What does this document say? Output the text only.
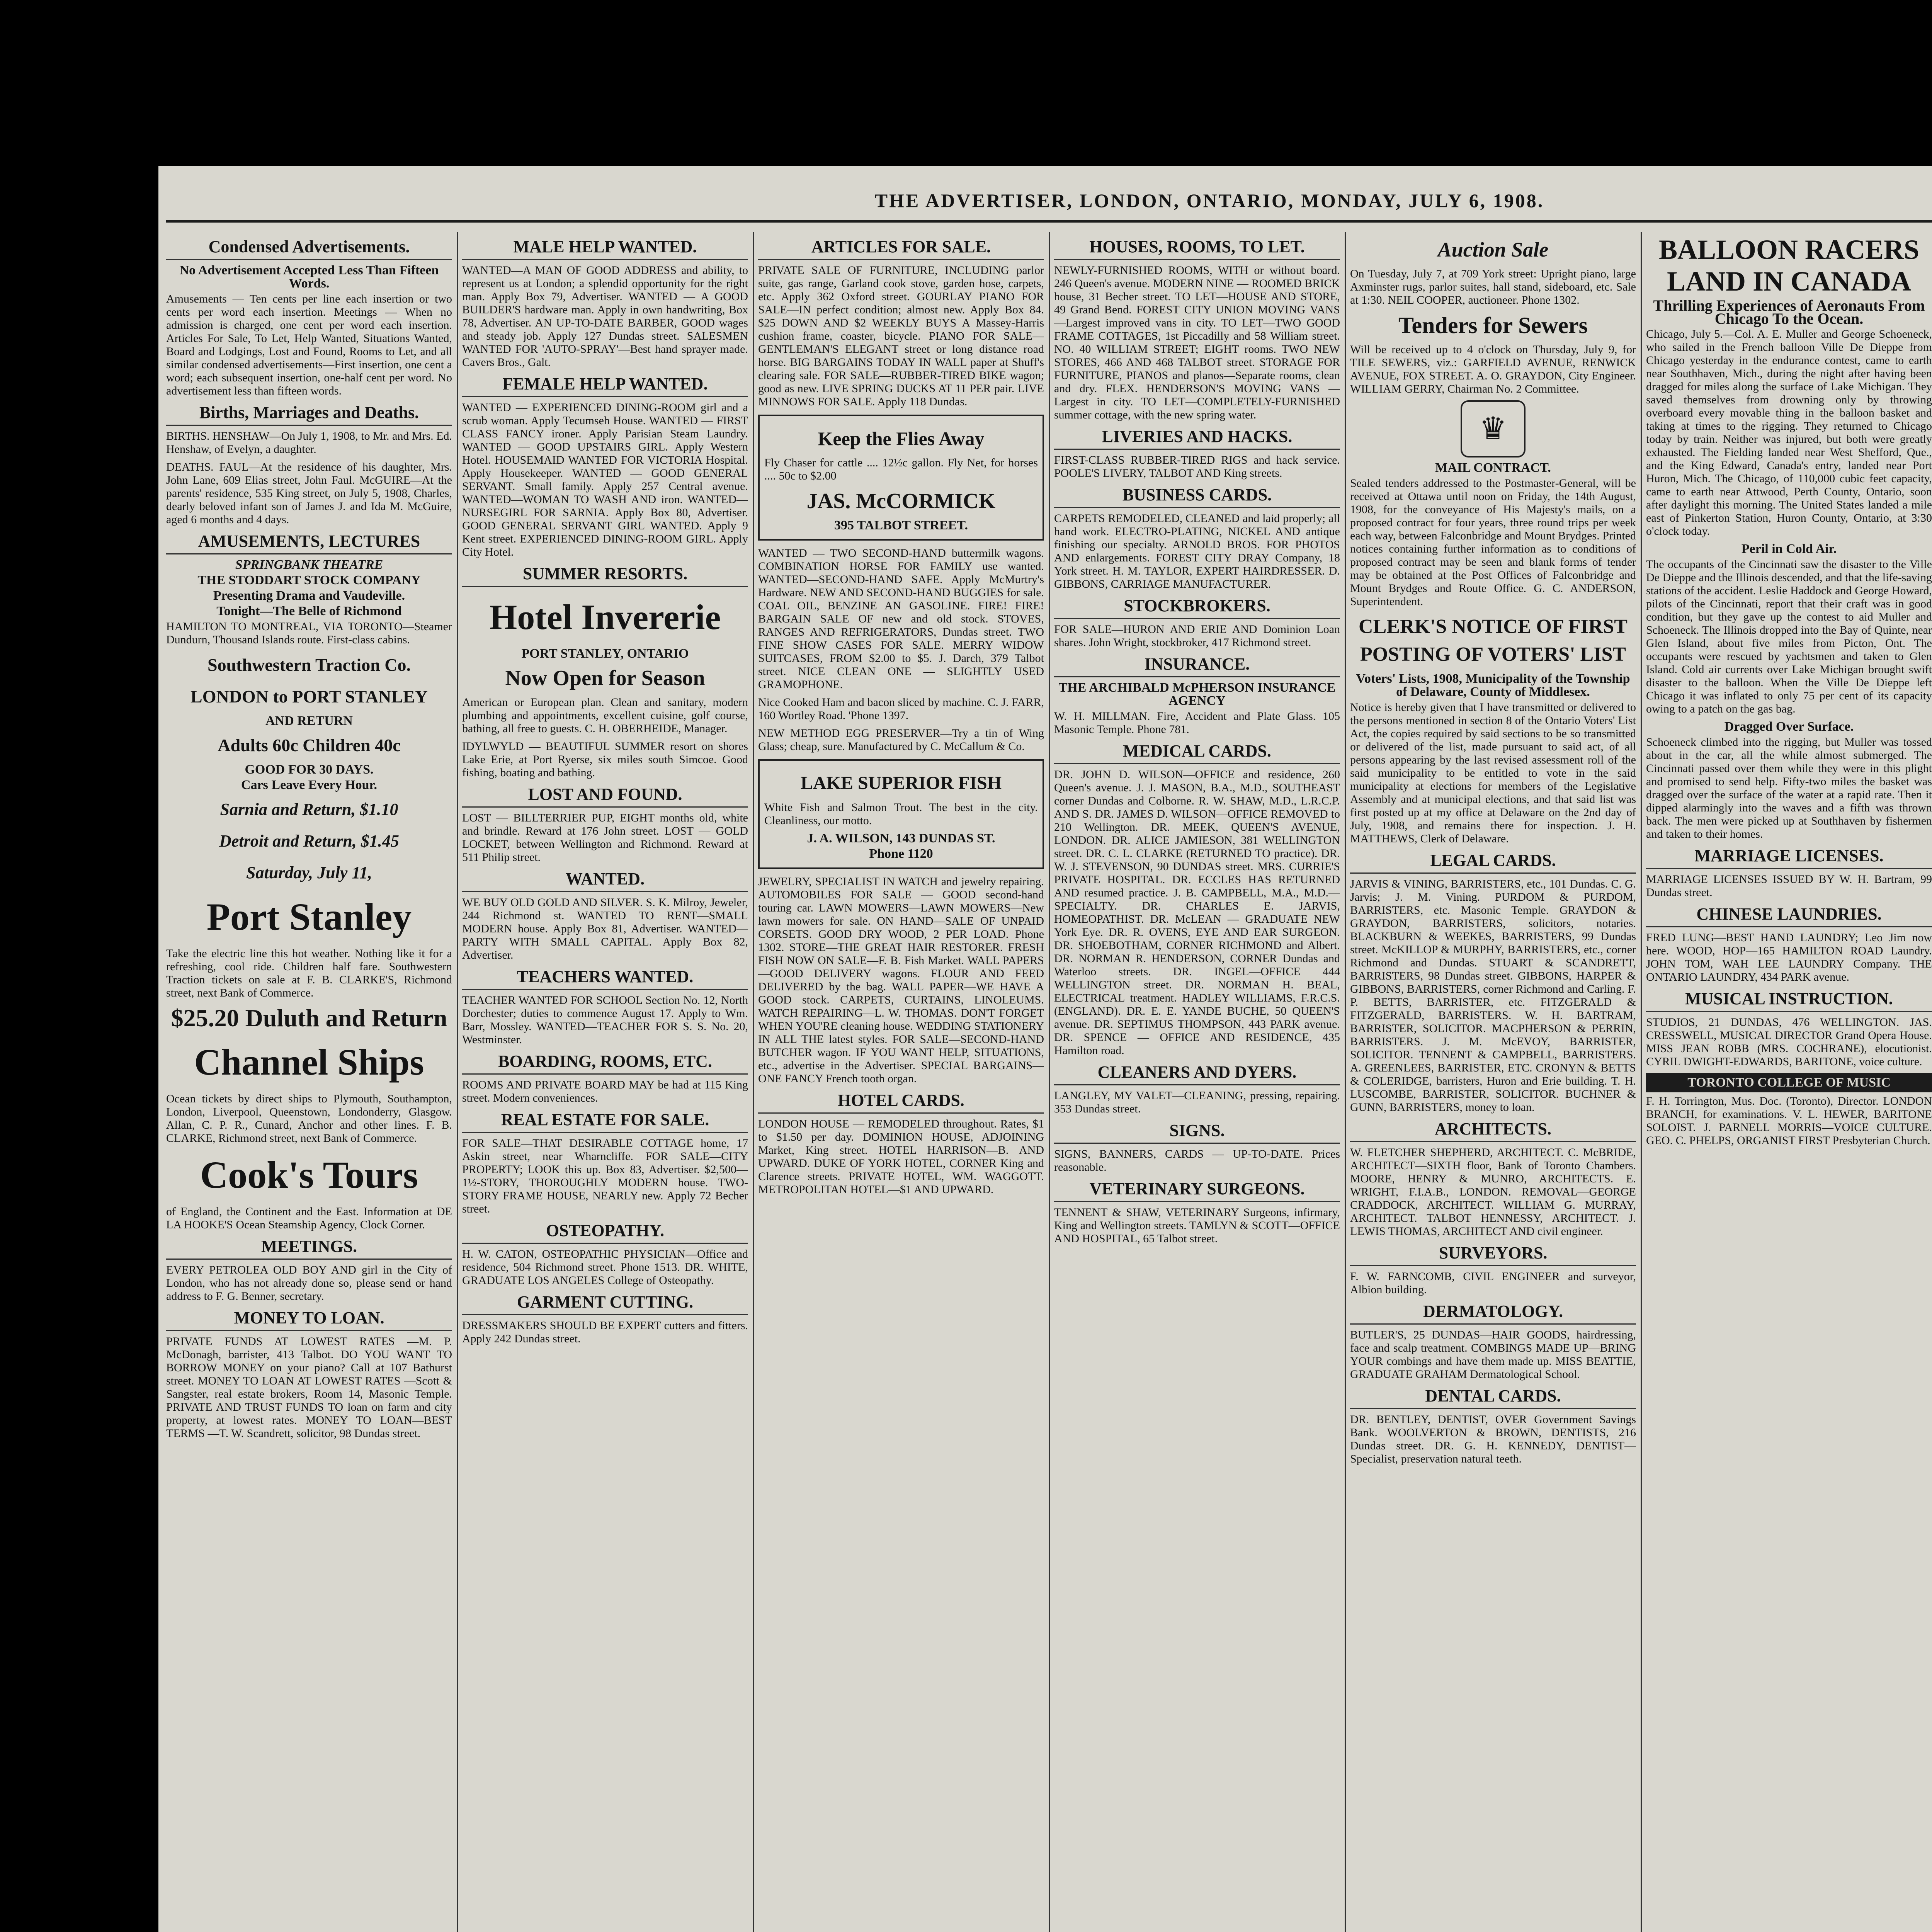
THE ADVERTISER, LONDON, ONTARIO, MONDAY, JULY 6, 1908.
Condensed Advertisements.
No Advertisement Accepted Less Than Fifteen Words.
Amusements — Ten cents per line each insertion or two cents per word each insertion. Meetings — When no admission is charged, one cent per word each insertion. Articles For Sale, To Let, Help Wanted, Situations Wanted, Board and Lodgings, Lost and Found, Rooms to Let, and all similar condensed advertisements—First insertion, one cent a word; each subsequent insertion, one-half cent per word. No advertisement less than fifteen words.
Births, Marriages and Deaths.
BIRTHS. HENSHAW—On July 1, 1908, to Mr. and Mrs. Ed. Henshaw, of Evelyn, a daughter.
DEATHS. FAUL—At the residence of his daughter, Mrs. John Lane, 609 Elias street, John Faul. McGUIRE—At the parents' residence, 535 King street, on July 5, 1908, Charles, dearly beloved infant son of James J. and Ida M. McGuire, aged 6 months and 4 days.
AMUSEMENTS, LECTURES
SPRINGBANK THEATRE
THE STODDART STOCK COMPANY
Presenting Drama and Vaudeville.
Tonight—The Belle of Richmond
HAMILTON TO MONTREAL, VIA TORONTO—Steamer Dundurn, Thousand Islands route. First-class cabins.
Southwestern Traction Co.
LONDON to PORT STANLEY
AND RETURN
Adults 60c Children 40c
GOOD FOR 30 DAYS.
Cars Leave Every Hour.
Sarnia and Return, $1.10
Detroit and Return, $1.45
Saturday, July 11,
Port Stanley
Take the electric line this hot weather. Nothing like it for a refreshing, cool ride. Children half fare. Southwestern Traction tickets on sale at F. B. CLARKE'S, Richmond street, next Bank of Commerce.
$25.20 Duluth and Return
Channel Ships
Ocean tickets by direct ships to Plymouth, Southampton, London, Liverpool, Queenstown, Londonderry, Glasgow. Allan, C. P. R., Cunard, Anchor and other lines. F. B. CLARKE, Richmond street, next Bank of Commerce.
Cook's Tours
of England, the Continent and the East. Information at DE LA HOOKE'S Ocean Steamship Agency, Clock Corner.
MEETINGS.
EVERY PETROLEA OLD BOY AND girl in the City of London, who has not already done so, please send or hand address to F. G. Benner, secretary.
MONEY TO LOAN.
PRIVATE FUNDS AT LOWEST RATES —M. P. McDonagh, barrister, 413 Talbot. DO YOU WANT TO BORROW MONEY on your piano? Call at 107 Bathurst street. MONEY TO LOAN AT LOWEST RATES —Scott & Sangster, real estate brokers, Room 14, Masonic Temple. PRIVATE AND TRUST FUNDS TO loan on farm and city property, at lowest rates. MONEY TO LOAN—BEST TERMS —T. W. Scandrett, solicitor, 98 Dundas street.
MALE HELP WANTED.
WANTED—A MAN OF GOOD ADDRESS and ability, to represent us at London; a splendid opportunity for the right man. Apply Box 79, Advertiser. WANTED — A GOOD BUILDER'S hardware man. Apply in own handwriting, Box 78, Advertiser. AN UP-TO-DATE BARBER, GOOD wages and steady job. Apply 127 Dundas street. SALESMEN WANTED FOR 'AUTO-SPRAY'—Best hand sprayer made. Cavers Bros., Galt.
FEMALE HELP WANTED.
WANTED — EXPERIENCED DINING-ROOM girl and a scrub woman. Apply Tecumseh House. WANTED — FIRST CLASS FANCY ironer. Apply Parisian Steam Laundry. WANTED — GOOD UPSTAIRS GIRL. Apply Western Hotel. HOUSEMAID WANTED FOR VICTORIA Hospital. Apply Housekeeper. WANTED — GOOD GENERAL SERVANT. Small family. Apply 257 Central avenue. WANTED—WOMAN TO WASH AND iron. WANTED—NURSEGIRL FOR SARNIA. Apply Box 80, Advertiser. GOOD GENERAL SERVANT GIRL WANTED. Apply 9 Kent street. EXPERIENCED DINING-ROOM GIRL. Apply City Hotel.
SUMMER RESORTS.
Hotel Invererie
PORT STANLEY, ONTARIO
Now Open for Season
American or European plan. Clean and sanitary, modern plumbing and appointments, excellent cuisine, golf course, bathing, all free to guests. C. H. OBERHEIDE, Manager.
IDYLWYLD — BEAUTIFUL SUMMER resort on shores Lake Erie, at Port Ryerse, six miles south Simcoe. Good fishing, boating and bathing.
LOST AND FOUND.
LOST — BILLTERRIER PUP, EIGHT months old, white and brindle. Reward at 176 John street. LOST — GOLD LOCKET, between Wellington and Richmond. Reward at 511 Philip street.
WANTED.
WE BUY OLD GOLD AND SILVER. S. K. Milroy, Jeweler, 244 Richmond st. WANTED TO RENT—SMALL MODERN house. Apply Box 81, Advertiser. WANTED—PARTY WITH SMALL CAPITAL. Apply Box 82, Advertiser.
TEACHERS WANTED.
TEACHER WANTED FOR SCHOOL Section No. 12, North Dorchester; duties to commence August 17. Apply to Wm. Barr, Mossley. WANTED—TEACHER FOR S. S. No. 20, Westminster.
BOARDING, ROOMS, ETC.
ROOMS AND PRIVATE BOARD MAY be had at 115 King street. Modern conveniences.
REAL ESTATE FOR SALE.
FOR SALE—THAT DESIRABLE COTTAGE home, 17 Askin street, near Wharncliffe. FOR SALE—CITY PROPERTY; LOOK this up. Box 83, Advertiser. $2,500—1½-STORY, THOROUGHLY MODERN house. TWO-STORY FRAME HOUSE, NEARLY new. Apply 72 Becher street.
OSTEOPATHY.
H. W. CATON, OSTEOPATHIC PHYSICIAN—Office and residence, 504 Richmond street. Phone 1513. DR. WHITE, GRADUATE LOS ANGELES College of Osteopathy.
GARMENT CUTTING.
DRESSMAKERS SHOULD BE EXPERT cutters and fitters. Apply 242 Dundas street.
ARTICLES FOR SALE.
PRIVATE SALE OF FURNITURE, INCLUDING parlor suite, gas range, Garland cook stove, garden hose, carpets, etc. Apply 362 Oxford street. GOURLAY PIANO FOR SALE—IN perfect condition; almost new. Apply Box 84. $25 DOWN AND $2 WEEKLY BUYS A Massey-Harris cushion frame, coaster, bicycle. PIANO FOR SALE—GENTLEMAN'S ELEGANT street or long distance road horse. BIG BARGAINS TODAY IN WALL paper at Shuff's clearing sale. FOR SALE—RUBBER-TIRED BIKE wagon; good as new. LIVE SPRING DUCKS AT 11 PER pair. LIVE MINNOWS FOR SALE. Apply 118 Dundas.
Keep the Flies Away
Fly Chaser for cattle .... 12½c gallon. Fly Net, for horses .... 50c to $2.00
JAS. McCORMICK
395 TALBOT STREET.
WANTED — TWO SECOND-HAND buttermilk wagons. COMBINATION HORSE FOR FAMILY use wanted. WANTED—SECOND-HAND SAFE. Apply McMurtry's Hardware. NEW AND SECOND-HAND BUGGIES for sale. COAL OIL, BENZINE AN GASOLINE. FIRE! FIRE! BARGAIN SALE OF new and old stock. STOVES, RANGES AND REFRIGERATORS, Dundas street. TWO FINE SHOW CASES FOR SALE. MERRY WIDOW SUITCASES, FROM $2.00 to $5. J. Darch, 379 Talbot street. NICE CLEAN ONE — SLIGHTLY USED GRAMOPHONE.
Nice Cooked Ham and bacon sliced by machine. C. J. FARR, 160 Wortley Road. 'Phone 1397.
NEW METHOD EGG PRESERVER—Try a tin of Wing Glass; cheap, sure. Manufactured by C. McCallum & Co.
LAKE SUPERIOR FISH
White Fish and Salmon Trout. The best in the city. Cleanliness, our motto.
J. A. WILSON, 143 DUNDAS ST.
Phone 1120
JEWELRY, SPECIALIST IN WATCH and jewelry repairing. AUTOMOBILES FOR SALE — GOOD second-hand touring car. LAWN MOWERS—LAWN MOWERS—New lawn mowers for sale. ON HAND—SALE OF UNPAID CORSETS. GOOD DRY WOOD, 2 PER LOAD. Phone 1302. STORE—THE GREAT HAIR RESTORER. FRESH FISH NOW ON SALE—F. B. Fish Market. WALL PAPERS—GOOD DELIVERY wagons. FLOUR AND FEED DELIVERED by the bag. WALL PAPER—WE HAVE A GOOD stock. CARPETS, CURTAINS, LINOLEUMS. WATCH REPAIRING—L. W. THOMAS. DON'T FORGET WHEN YOU'RE cleaning house. WEDDING STATIONERY IN ALL THE latest styles. FOR SALE—SECOND-HAND BUTCHER wagon. IF YOU WANT HELP, SITUATIONS, etc., advertise in the Advertiser. SPECIAL BARGAINS—ONE FANCY French tooth organ.
HOTEL CARDS.
LONDON HOUSE — REMODELED throughout. Rates, $1 to $1.50 per day. DOMINION HOUSE, ADJOINING Market, King street. HOTEL HARRISON—B. AND UPWARD. DUKE OF YORK HOTEL, CORNER King and Clarence streets. PRIVATE HOTEL, WM. WAGGOTT. METROPOLITAN HOTEL—$1 AND UPWARD.
HOUSES, ROOMS, TO LET.
NEWLY-FURNISHED ROOMS, WITH or without board. 246 Queen's avenue. MODERN NINE — ROOMED BRICK house, 31 Becher street. TO LET—HOUSE AND STORE, 49 Grand Bend. FOREST CITY UNION MOVING VANS —Largest improved vans in city. TO LET—TWO GOOD FRAME COTTAGES, 1st Piccadilly and 58 William street. NO. 40 WILLIAM STREET; EIGHT rooms. TWO NEW STORES, 466 AND 468 TALBOT street. STORAGE FOR FURNITURE, PIANOS and planos—Separate rooms, clean and dry. FLEX. HENDERSON'S MOVING VANS —Largest in city. TO LET—COMPLETELY-FURNISHED summer cottage, with the new spring water.
LIVERIES AND HACKS.
FIRST-CLASS RUBBER-TIRED RIGS and hack service. POOLE'S LIVERY, TALBOT AND King streets.
BUSINESS CARDS.
CARPETS REMODELED, CLEANED and laid properly; all hand work. ELECTRO-PLATING, NICKEL AND antique finishing our specialty. ARNOLD BROS. FOR PHOTOS AND enlargements. FOREST CITY DRAY Company, 18 York street. H. M. TAYLOR, EXPERT HAIRDRESSER. D. GIBBONS, CARRIAGE MANUFACTURER.
STOCKBROKERS.
FOR SALE—HURON AND ERIE AND Dominion Loan shares. John Wright, stockbroker, 417 Richmond street.
INSURANCE.
THE ARCHIBALD McPHERSON INSURANCE AGENCY
W. H. MILLMAN. Fire, Accident and Plate Glass. 105 Masonic Temple. Phone 781.
MEDICAL CARDS.
DR. JOHN D. WILSON—OFFICE and residence, 260 Queen's avenue. J. J. MASON, B.A., M.D., SOUTHEAST corner Dundas and Colborne. R. W. SHAW, M.D., L.R.C.P. AND S. DR. JAMES D. WILSON—OFFICE REMOVED to 210 Wellington. DR. MEEK, QUEEN'S AVENUE, LONDON. DR. ALICE JAMIESON, 381 WELLINGTON street. DR. C. L. CLARKE (RETURNED TO practice). DR. W. J. STEVENSON, 90 DUNDAS street. MRS. CURRIE'S PRIVATE HOSPITAL. DR. ECCLES HAS RETURNED AND resumed practice. J. B. CAMPBELL, M.A., M.D.—SPECIALTY. DR. CHARLES E. JARVIS, HOMEOPATHIST. DR. McLEAN — GRADUATE NEW York Eye. DR. R. OVENS, EYE AND EAR SURGEON. DR. SHOEBOTHAM, CORNER RICHMOND and Albert. DR. NORMAN R. HENDERSON, CORNER Dundas and Waterloo streets. DR. INGEL—OFFICE 444 WELLINGTON street. DR. NORMAN H. BEAL, ELECTRICAL treatment. HADLEY WILLIAMS, F.R.C.S. (ENGLAND). DR. E. E. YANDE BUCHE, 50 QUEEN'S avenue. DR. SEPTIMUS THOMPSON, 443 PARK avenue. DR. SPENCE — OFFICE AND RESIDENCE, 435 Hamilton road.
CLEANERS AND DYERS.
LANGLEY, MY VALET—CLEANING, pressing, repairing. 353 Dundas street.
SIGNS.
SIGNS, BANNERS, CARDS — UP-TO-DATE. Prices reasonable.
VETERINARY SURGEONS.
TENNENT & SHAW, VETERINARY Surgeons, infirmary, King and Wellington streets. TAMLYN & SCOTT—OFFICE AND HOSPITAL, 65 Talbot street.
Auction Sale
On Tuesday, July 7, at 709 York street: Upright piano, large Axminster rugs, parlor suites, hall stand, sideboard, etc. Sale at 1:30. NEIL COOPER, auctioneer. Phone 1302.
Tenders for Sewers
Will be received up to 4 o'clock on Thursday, July 9, for TILE SEWERS, viz.: GARFIELD AVENUE, RENWICK AVENUE, FOX STREET. A. O. GRAYDON, City Engineer. WILLIAM GERRY, Chairman No. 2 Committee.
♛
MAIL CONTRACT.
Sealed tenders addressed to the Postmaster-General, will be received at Ottawa until noon on Friday, the 14th August, 1908, for the conveyance of His Majesty's mails, on a proposed contract for four years, three round trips per week each way, between Falconbridge and Mount Brydges. Printed notices containing further information as to conditions of proposed contract may be seen and blank forms of tender may be obtained at the Post Offices of Falconbridge and Mount Brydges and Route Office. G. C. ANDERSON, Superintendent.
CLERK'S NOTICE OF FIRST POSTING OF VOTERS' LIST
Voters' Lists, 1908, Municipality of the Township of Delaware, County of Middlesex.
Notice is hereby given that I have transmitted or delivered to the persons mentioned in section 8 of the Ontario Voters' List Act, the copies required by said sections to be so transmitted or delivered of the list, made pursuant to said act, of all persons appearing by the last revised assessment roll of the said municipality to be entitled to vote in the said municipality at elections for members of the Legislative Assembly and at municipal elections, and that said list was first posted up at my office at Delaware on the 2nd day of July, 1908, and remains there for inspection. J. H. MATTHEWS, Clerk of Delaware.
LEGAL CARDS.
JARVIS & VINING, BARRISTERS, etc., 101 Dundas. C. G. Jarvis; J. M. Vining. PURDOM & PURDOM, BARRISTERS, etc. Masonic Temple. GRAYDON & GRAYDON, BARRISTERS, solicitors, notaries. BLACKBURN & WEEKES, BARRISTERS, 99 Dundas street. McKILLOP & MURPHY, BARRISTERS, etc., corner Richmond and Dundas. STUART & SCANDRETT, BARRISTERS, 98 Dundas street. GIBBONS, HARPER & GIBBONS, BARRISTERS, corner Richmond and Carling. F. P. BETTS, BARRISTER, etc. FITZGERALD & FITZGERALD, BARRISTERS. W. H. BARTRAM, BARRISTER, SOLICITOR. MACPHERSON & PERRIN, BARRISTERS. J. M. McEVOY, BARRISTER, SOLICITOR. TENNENT & CAMPBELL, BARRISTERS. A. GREENLEES, BARRISTER, ETC. CRONYN & BETTS & COLERIDGE, barristers, Huron and Erie building. T. H. LUSCOMBE, BARRISTER, SOLICITOR. BUCHNER & GUNN, BARRISTERS, money to loan.
ARCHITECTS.
W. FLETCHER SHEPHERD, ARCHITECT. C. McBRIDE, ARCHITECT—SIXTH floor, Bank of Toronto Chambers. MOORE, HENRY & MUNRO, ARCHITECTS. E. WRIGHT, F.I.A.B., LONDON. REMOVAL—GEORGE CRADDOCK, ARCHITECT. WILLIAM G. MURRAY, ARCHITECT. TALBOT HENNESSY, ARCHITECT. J. LEWIS THOMAS, ARCHITECT AND civil engineer.
SURVEYORS.
F. W. FARNCOMB, CIVIL ENGINEER and surveyor, Albion building.
DERMATOLOGY.
BUTLER'S, 25 DUNDAS—HAIR GOODS, hairdressing, face and scalp treatment. COMBINGS MADE UP—BRING YOUR combings and have them made up. MISS BEATTIE, GRADUATE GRAHAM Dermatological School.
DENTAL CARDS.
DR. BENTLEY, DENTIST, OVER Government Savings Bank. WOOLVERTON & BROWN, DENTISTS, 216 Dundas street. DR. G. H. KENNEDY, DENTIST—Specialist, preservation natural teeth.
BALLOON RACERS
LAND IN CANADA
Thrilling Experiences of Aeronauts From Chicago To the Ocean.
Chicago, July 5.—Col. A. E. Muller and George Schoeneck, who sailed in the French balloon Ville De Dieppe from Chicago yesterday in the endurance contest, came to earth near Southhaven, Mich., during the night after having been dragged for miles along the surface of Lake Michigan. They saved themselves from drowning only by throwing overboard every movable thing in the balloon basket and taking at times to the rigging. They returned to Chicago today by train. Neither was injured, but both were greatly exhausted. The Fielding landed near West Shefford, Que., and the King Edward, Canada's entry, landed near Port Huron, Mich. The Chicago, of 110,000 cubic feet capacity, came to earth near Attwood, Perth County, Ontario, soon after daylight this morning. The United States landed a mile east of Pinkerton Station, Huron County, Ontario, at 3:30 o'clock today.
Peril in Cold Air.
The occupants of the Cincinnati saw the disaster to the Ville De Dieppe and the Illinois descended, and that the life-saving stations of the accident. Leslie Haddock and George Howard, pilots of the Cincinnati, report that their craft was in good condition, but they gave up the contest to aid Muller and Schoeneck. The Illinois dropped into the Bay of Quinte, near Glen Island, about five miles from Picton, Ont. The occupants were rescued by yachtsmen and taken to Glen Island. Cold air currents over Lake Michigan brought swift disaster to the balloon. When the Ville De Dieppe left Chicago it was inflated to only 75 per cent of its capacity owing to a patch on the gas bag.
Dragged Over Surface.
Schoeneck climbed into the rigging, but Muller was tossed about in the car, all the while almost submerged. The Cincinnati passed over them while they were in this plight and promised to send help. Fifty-two miles the basket was dragged over the surface of the water at a rapid rate. Then it dipped alarmingly into the waves and a fifth was thrown back. The men were picked up at Southhaven by fishermen and taken to their homes.
MARRIAGE LICENSES.
MARRIAGE LICENSES ISSUED BY W. H. Bartram, 99 Dundas street.
CHINESE LAUNDRIES.
FRED LUNG—BEST HAND LAUNDRY; Leo Jim now here. WOOD, HOP—165 HAMILTON ROAD Laundry. JOHN TOM, WAH LEE LAUNDRY Company. THE ONTARIO LAUNDRY, 434 PARK avenue.
MUSICAL INSTRUCTION.
STUDIOS, 21 DUNDAS, 476 WELLINGTON. JAS. CRESSWELL, MUSICAL DIRECTOR Grand Opera House. MISS JEAN ROBB (MRS. COCHRANE), elocutionist. CYRIL DWIGHT-EDWARDS, BARITONE, voice culture.
TORONTO COLLEGE OF MUSIC
F. H. Torrington, Mus. Doc. (Toronto), Director. LONDON BRANCH, for examinations. V. L. HEWER, BARITONE SOLOIST. J. PARNELL MORRIS—VOICE CULTURE. GEO. C. PHELPS, ORGANIST FIRST Presbyterian Church.
